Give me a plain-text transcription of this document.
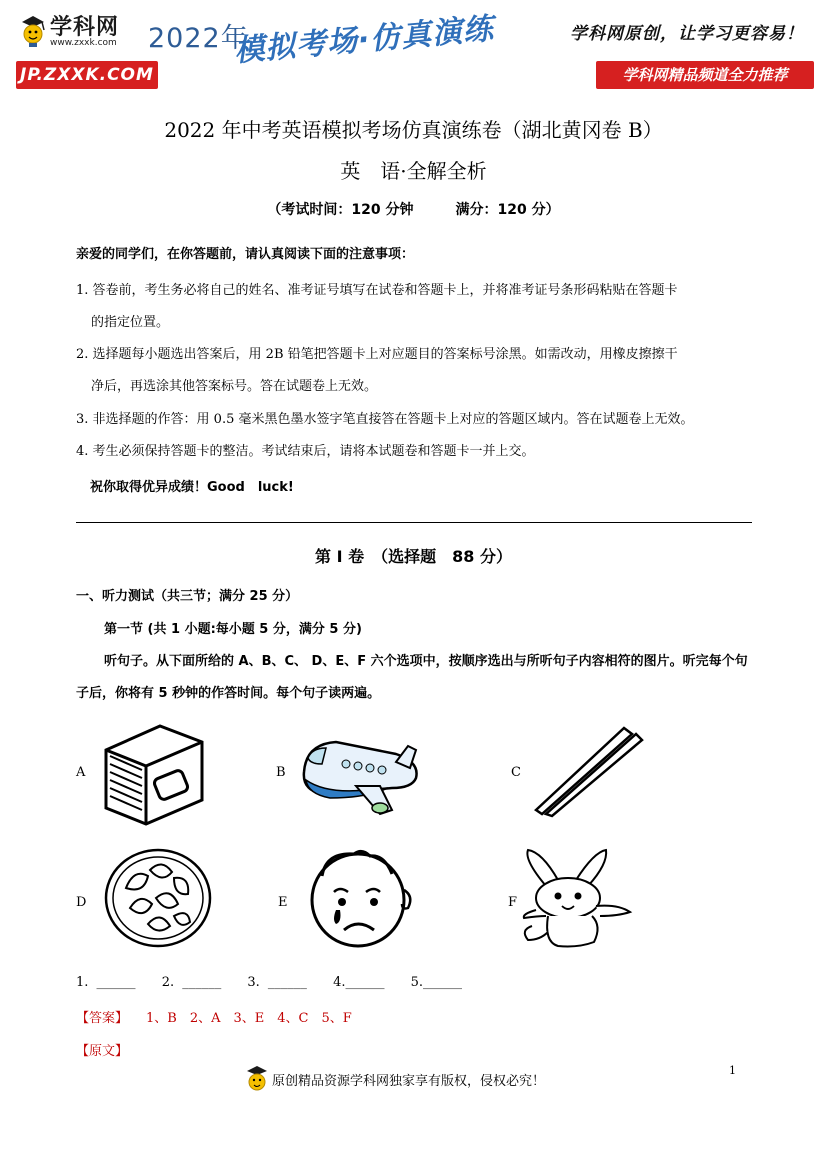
学科网
www.zxxk.com 2022年	学科网原创，让学习更容易！
JP.ZXXK.COM
模拟考场·仿真演练
学科网精品频道全力推荐
2022 年中考英语模拟考场仿真演练卷（湖北黄冈卷 B）
英　语·全解全析
（考试时间：120 分钟　　　满分：120 分）
亲爱的同学们，在你答题前，请认真阅读下面的注意事项：
1. 答卷前，考生务必将自己的姓名、准考证号填写在试卷和答题卡上，并将准考证号条形码粘贴在答题卡
的指定位置。
2. 选择题每小题选出答案后，用 2B 铅笔把答题卡上对应题目的答案标号涂黑。如需改动，用橡皮擦擦干
净后，再选涂其他答案标号。答在试题卷上无效。
3. 非选择题的作答：用 0.5 毫米黑色墨水签字笔直接答在答题卡上对应的答题区域内。答在试题卷上无效。
4. 考生必须保持答题卡的整洁。考试结束后，请将本试题卷和答题卡一并上交。
祝你取得优异成绩！Good　luck!
第 I 卷　（选择题　88 分）
一、听力测试（共三节；满分 25 分）
第一节 (共 1 小题:每小题 5 分，满分 5 分)
听句子。从下面所给的 A、B、C、 D、E、F 六个选项中，按顺序选出与所听句子内容相符的图片。听完每个句子后，你将有 5 秒钟的作答时间。每个句子读两遍。
A	B	C
D	E	F
1. ______ 2. ______ 3. ______ 4.______ 5.______
【答案】 1、B　2、A　3、E　4、C　5、F
【原文】
原创精品资源学科网独家享有版权，侵权必究！
1
